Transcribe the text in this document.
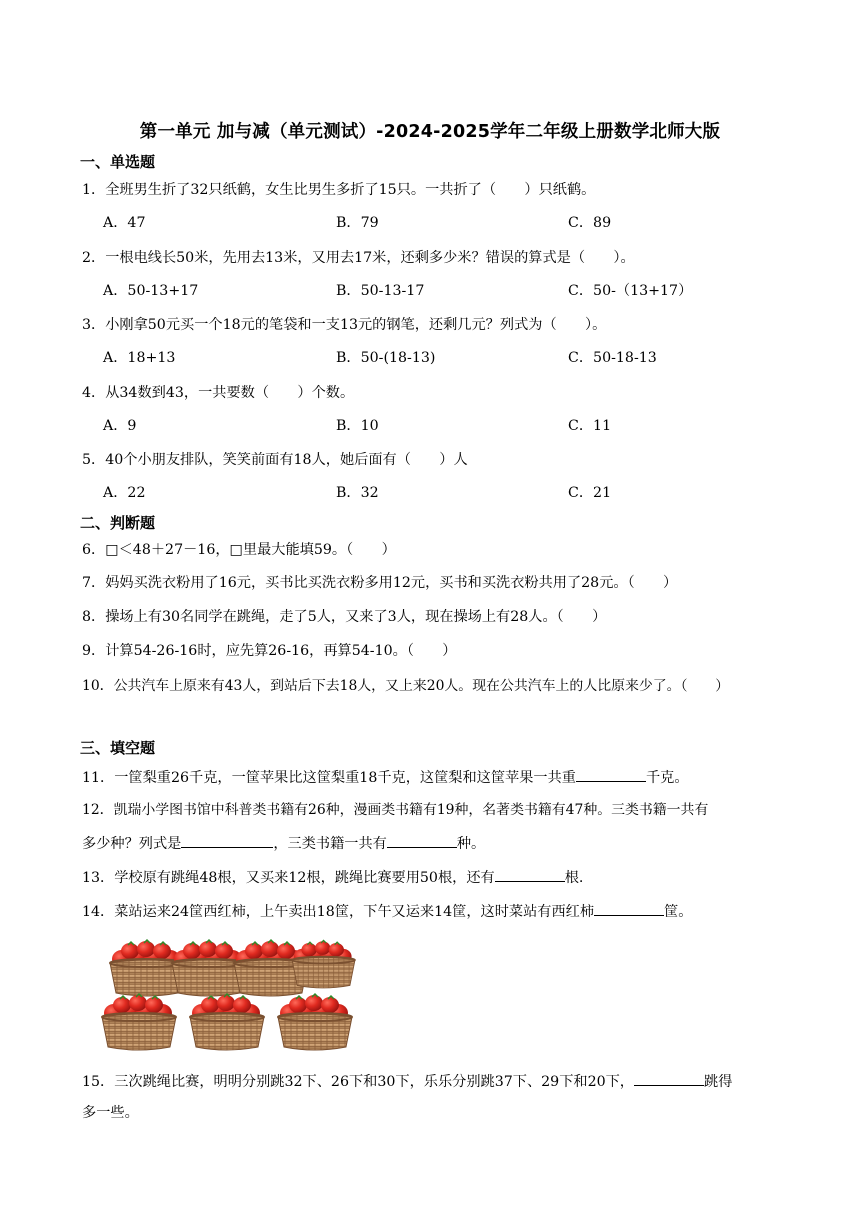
第一单元 加与减（单元测试）-2024-2025学年二年级上册数学北师大版
一、单选题
1．全班男生折了32只纸鹤，女生比男生多折了15只。一共折了（　　）只纸鹤。
A．47	B．79	C．89
2．一根电线长50米，先用去13米，又用去17米，还剩多少米？错误的算式是（　　）。
A．50-13+17	B．50-13-17	C．50-（13+17）
3．小刚拿50元买一个18元的笔袋和一支13元的钢笔，还剩几元？列式为（　　）。
A．18+13	B．50-(18-13)	C．50-18-13
4．从34数到43，一共要数（　　）个数。
A．9	B．10	C．11
5．40个小朋友排队，笑笑前面有18人，她后面有（　　）人
A．22	B．32	C．21
二、判断题
6．□＜48＋27－16，□里最大能填59。（　　）
7．妈妈买洗衣粉用了16元，买书比买洗衣粉多用12元，买书和买洗衣粉共用了28元。（　　）
8．操场上有30名同学在跳绳，走了5人，又来了3人，现在操场上有28人。（　　）
9．计算54-26-16时，应先算26-16，再算54-10。（　　）
10．公共汽车上原来有43人，到站后下去18人，又上来20人。现在公共汽车上的人比原来少了。（　　）
三、填空题
11．一筐梨重26千克，一筐苹果比这筐梨重18千克，这筐梨和这筐苹果一共重	千克。
12．凯瑞小学图书馆中科普类书籍有26种，漫画类书籍有19种，名著类书籍有47种。三类书籍一共有
多少种？列式是	，三类书籍一共有	种。
13．学校原有跳绳48根，又买来12根，跳绳比赛要用50根，还有	根.
14．菜站运来24筐西红柿，上午卖出18筐，下午又运来14筐，这时菜站有西红柿	筐。
15．三次跳绳比赛，明明分别跳32下、26下和30下，乐乐分别跳37下、29下和20下，	跳得
多一些。
